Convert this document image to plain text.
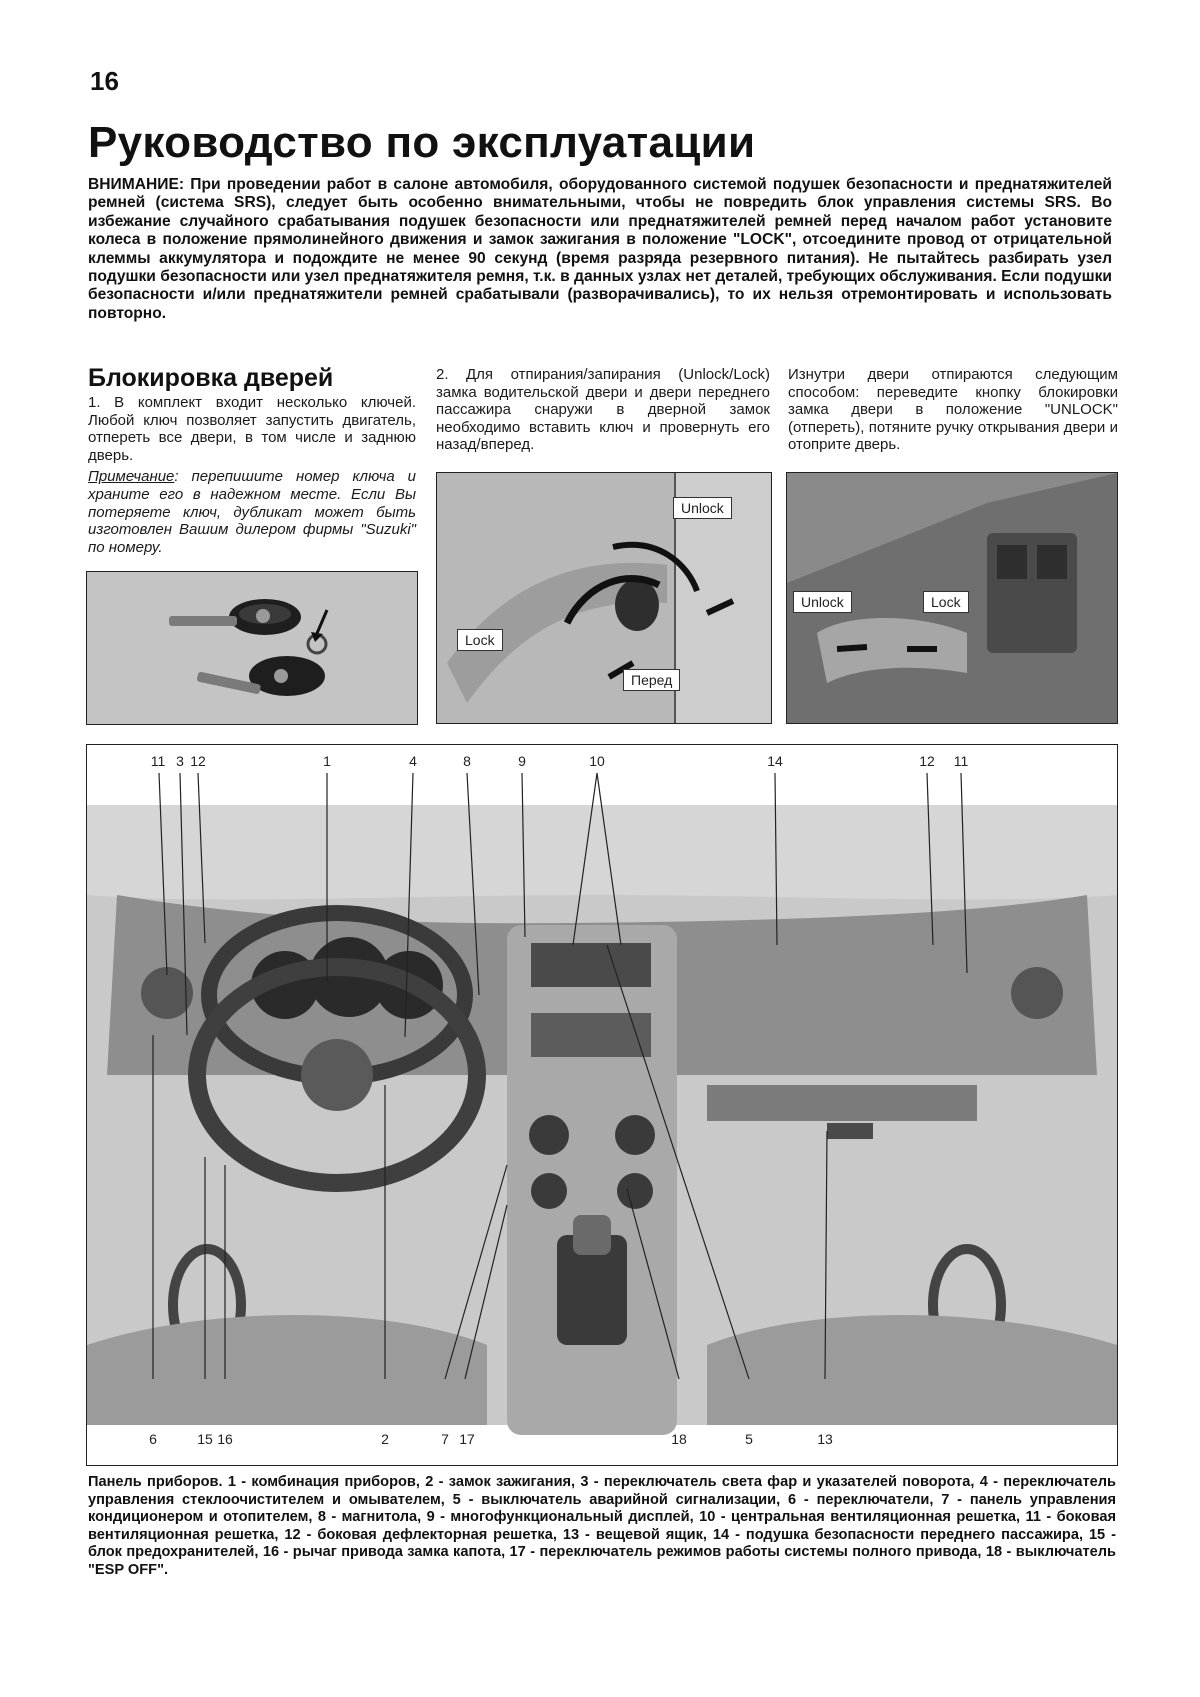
16
Руководство по эксплуатации

ВНИМАНИЕ: При проведении работ в салоне автомобиля, оборудованного системой подушек безопасности и преднатяжителей ремней (система SRS), следует быть особенно внимательными, чтобы не повредить блок управления системы SRS. Во избежание случайного срабатывания подушек безопасности или преднатяжителей ремней перед началом работ установите колеса в положение прямолинейного движения и замок зажигания в положение "LOCK", отсоедините провод от отрицательной клеммы аккумулятора и подождите не менее 90 секунд (время разряда резервного питания). Не пытайтесь разбирать узел подушки безопасности или узел преднатяжителя ремня, т.к. в данных узлах нет деталей, требующих обслуживания. Если подушки безопасности и/или преднатяжители ремней срабатывали (разворачивались), то их нельзя отремонтировать и использовать повторно.

Блокировка дверей
1. В комплект входит несколько ключей. Любой ключ позволяет запустить двигатель, отпереть все двери, в том числе и заднюю дверь.
Примечание: перепишите номер ключа и храните его в надежном месте. Если Вы потеряете ключ, дубликат может быть изготовлен Вашим дилером фирмы "Suzuki" по номеру.
2. Для отпирания/запирания (Unlock/Lock) замка водительской двери и двери переднего пассажира снаружи в дверной замок необходимо вставить ключ и провернуть его назад/вперед.
Изнутри двери отпираются следующим способом: переведите кнопку блокировки замка двери в положение "UNLOCK" (отпереть), потяните ручку открывания двери и отоприте дверь.
Unlock
Lock
Перед
Unlock	Lock
11 3 12	1	4	8	9	10	14	12 11
6	15 16	2	7 17	18	5	13

Панель приборов. 1 - комбинация приборов, 2 - замок зажигания, 3 - переключатель света фар и указателей поворота, 4 - переключатель управления стеклоочистителем и омывателем, 5 - выключатель аварийной сигнализации, 6 - переключатели, 7 - панель управления кондиционером и отопителем, 8 - магнитола, 9 - многофункциональный дисплей, 10 - центральная вентиляционная решетка, 11 - боковая вентиляционная решетка, 12 - боковая дефлекторная решетка, 13 - вещевой ящик, 14 - подушка безопасности переднего пассажира, 15 - блок предохранителей, 16 - рычаг привода замка капота, 17 - переключатель режимов работы системы полного привода, 18 - выключатель "ESP OFF".
